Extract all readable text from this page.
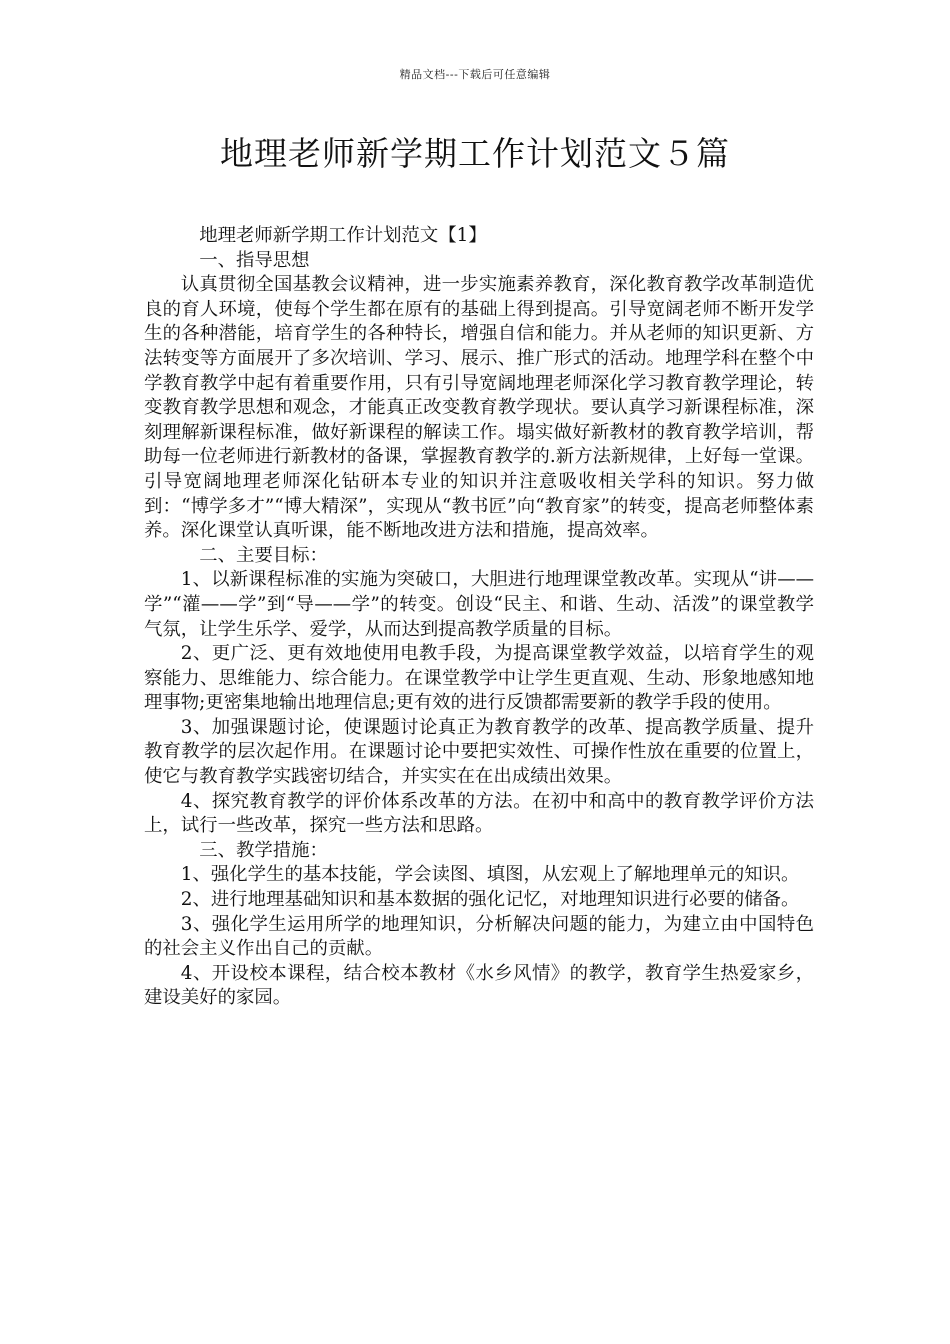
精品文档---下载后可任意编辑
地理老师新学期工作计划范文５篇

地理老师新学期工作计划范文【1】

一、指导思想

认真贯彻全国基教会议精神，进一步实施素养教育，深化教育教学改革制造优良的育人环境，使每个学生都在原有的基础上得到提高。引导宽阔老师不断开发学生的各种潜能，培育学生的各种特长，增强自信和能力。并从老师的知识更新、方法转变等方面展开了多次培训、学习、展示、推广形式的活动。地理学科在整个中学教育教学中起有着重要作用，只有引导宽阔地理老师深化学习教育教学理论，转变教育教学思想和观念，才能真正改变教育教学现状。要认真学习新课程标准，深刻理解新课程标准，做好新课程的解读工作。塌实做好新教材的教育教学培训，帮助每一位老师进行新教材的备课，掌握教育教学的.新方法新规律，上好每一堂课。引导宽阔地理老师深化钻研本专业的知识并注意吸收相关学科的知识。努力做到：“博学多才”“博大精深”，实现从“教书匠”向“教育家”的转变，提高老师整体素养。深化课堂认真听课，能不断地改进方法和措施，提高效率。

二、主要目标：

1、以新课程标准的实施为突破口，大胆进行地理课堂教改革。实现从“讲——学”“灌——学”到“导——学”的转变。创设“民主、和谐、生动、活泼”的课堂教学气氛，让学生乐学、爱学，从而达到提高教学质量的目标。

2、更广泛、更有效地使用电教手段，为提高课堂教学效益，以培育学生的观察能力、思维能力、综合能力。在课堂教学中让学生更直观、生动、形象地感知地理事物;更密集地输出地理信息;更有效的进行反馈都需要新的教学手段的使用。

3、加强课题讨论，使课题讨论真正为教育教学的改革、提高教学质量、提升教育教学的层次起作用。在课题讨论中要把实效性、可操作性放在重要的位置上，使它与教育教学实践密切结合，并实实在在出成绩出效果。

4、探究教育教学的评价体系改革的方法。在初中和高中的教育教学评价方法上，试行一些改革，探究一些方法和思路。

三、教学措施：

1、强化学生的基本技能，学会读图、填图，从宏观上了解地理单元的知识。

2、进行地理基础知识和基本数据的强化记忆，对地理知识进行必要的储备。

3、强化学生运用所学的地理知识，分析解决问题的能力，为建立由中国特色的社会主义作出自己的贡献。

4、开设校本课程，结合校本教材《水乡风情》的教学，教育学生热爱家乡，建设美好的家园。
